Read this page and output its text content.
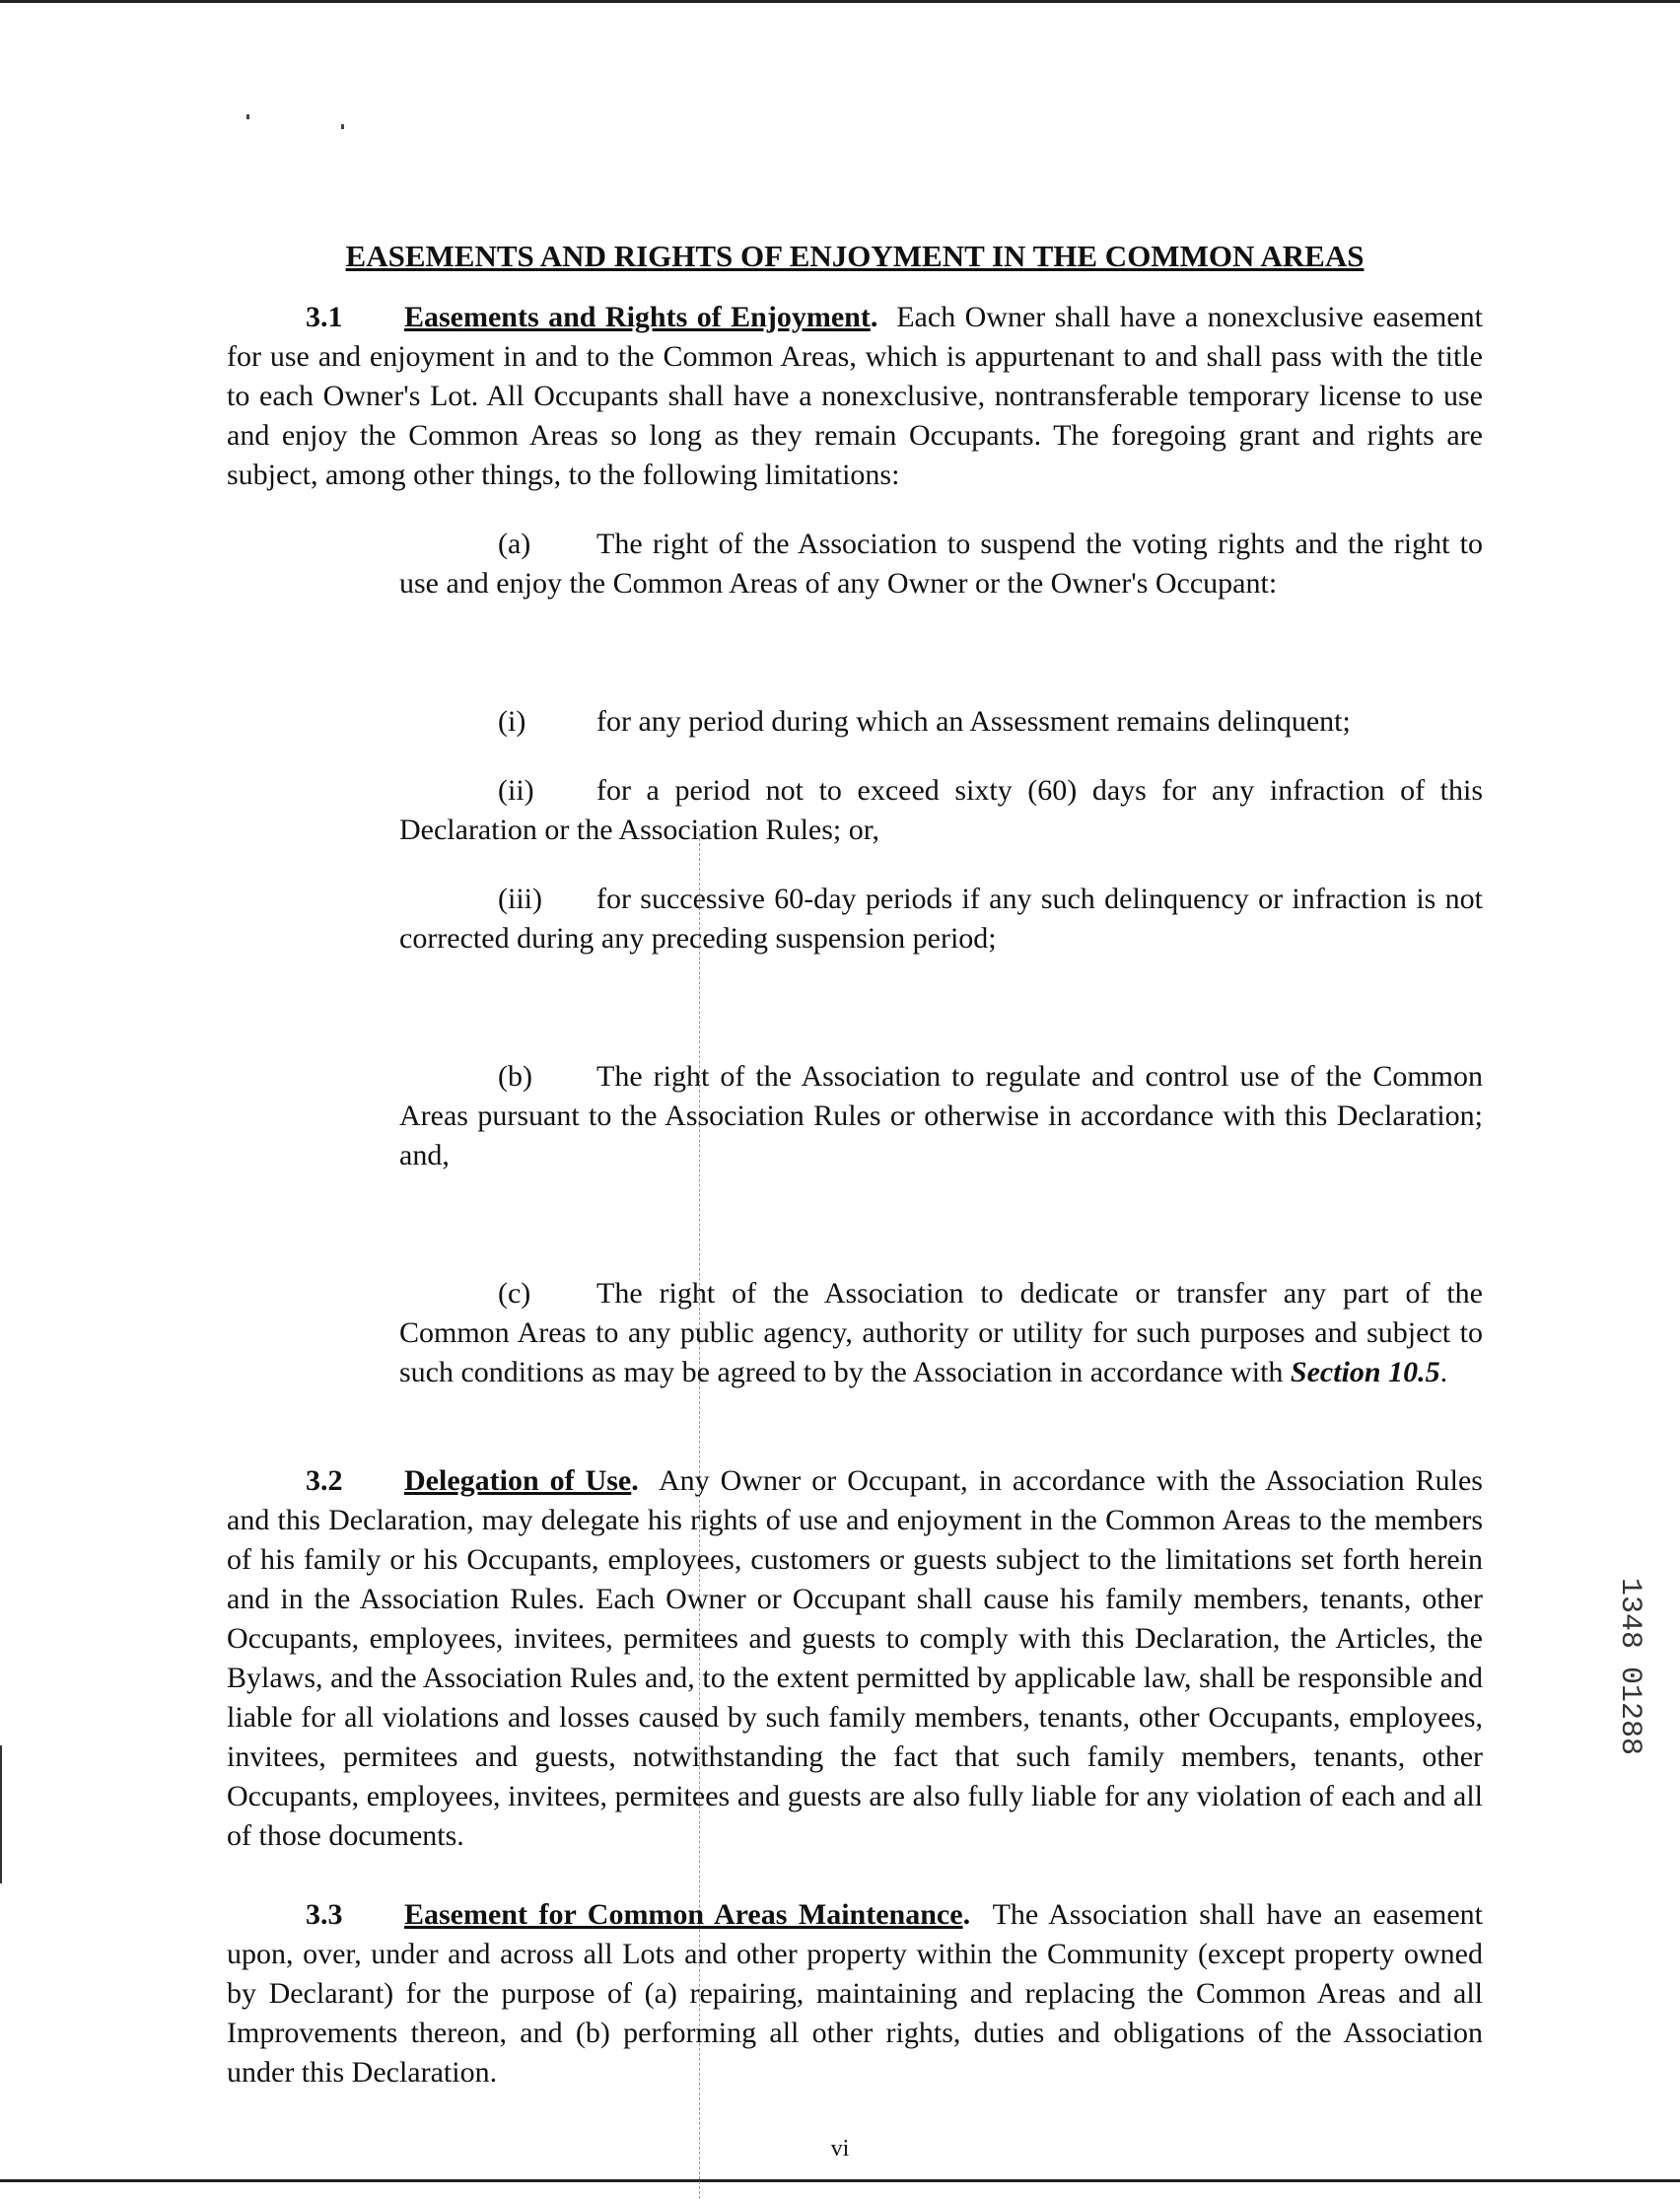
EASEMENTS AND RIGHTS OF ENJOYMENT IN THE COMMON AREAS

3.1 Easements and Rights of Enjoyment. Each Owner shall have a nonexclusive easement for use and enjoyment in and to the Common Areas, which is appurtenant to and shall pass with the title to each Owner's Lot. All Occupants shall have a nonexclusive, nontransferable temporary license to use and enjoy the Common Areas so long as they remain Occupants. The foregoing grant and rights are subject, among other things, to the following limitations:

(a) The right of the Association to suspend the voting rights and the right to use and enjoy the Common Areas of any Owner or the Owner's Occupant:

(i) for any period during which an Assessment remains delinquent;

(ii) for a period not to exceed sixty (60) days for any infraction of this Declaration or the Association Rules; or,

(iii) for successive 60-day periods if any such delinquency or infraction is not corrected during any preceding suspension period;

(b) The right of the Association to regulate and control use of the Common Areas pursuant to the Association Rules or otherwise in accordance with this Declaration; and,

(c) The right of the Association to dedicate or transfer any part of the Common Areas to any public agency, authority or utility for such purposes and subject to such conditions as may be agreed to by the Association in accordance with Section 10.5.

3.2 Delegation of Use. Any Owner or Occupant, in accordance with the Association Rules and this Declaration, may delegate his rights of use and enjoyment in the Common Areas to the members of his family or his Occupants, employees, customers or guests subject to the limitations set forth herein and in the Association Rules. Each Owner or Occupant shall cause his family members, tenants, other Occupants, employees, invitees, permitees and guests to comply with this Declaration, the Articles, the Bylaws, and the Association Rules and, to the extent permitted by applicable law, shall be responsible and liable for all violations and losses caused by such family members, tenants, other Occupants, employees, invitees, permitees and guests, notwithstanding the fact that such family members, tenants, other Occupants, employees, invitees, permitees and guests are also fully liable for any violation of each and all of those documents.

3.3 Easement for Common Areas Maintenance. The Association shall have an easement upon, over, under and across all Lots and other property within the Community (except property owned by Declarant) for the purpose of (a) repairing, maintaining and replacing the Common Areas and all Improvements thereon, and (b) performing all other rights, duties and obligations of the Association under this Declaration.

1348 01288
vi
